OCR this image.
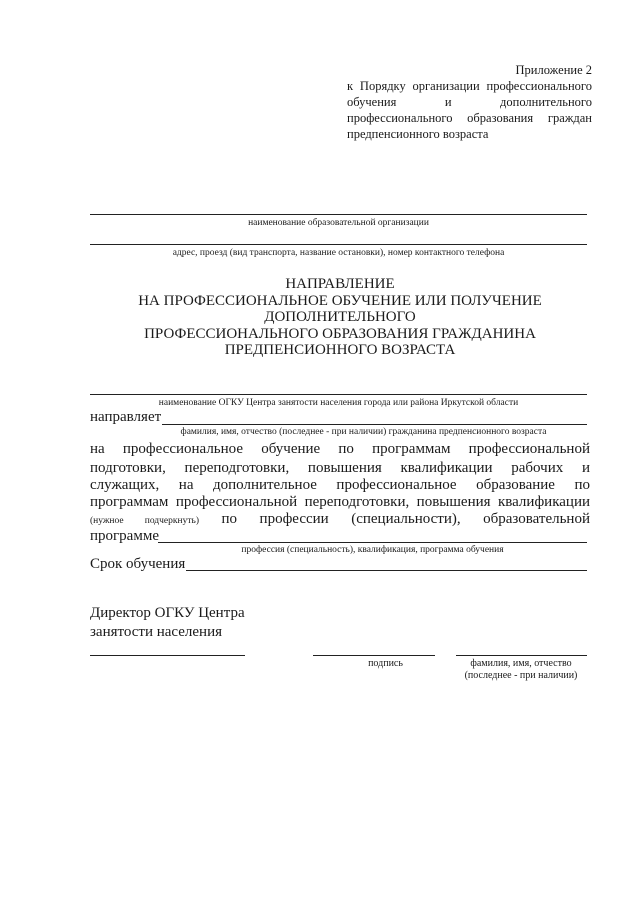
Приложение 2
к Порядку организации профессионального обучения и дополнительного профессионального образования граждан предпенсионного возраста
наименование образовательной организации
адрес, проезд (вид транспорта, название остановки), номер контактного телефона
НАПРАВЛЕНИЕ
НА ПРОФЕССИОНАЛЬНОЕ ОБУЧЕНИЕ ИЛИ ПОЛУЧЕНИЕ
ДОПОЛНИТЕЛЬНОГО
ПРОФЕССИОНАЛЬНОГО ОБРАЗОВАНИЯ ГРАЖДАНИНА
ПРЕДПЕНСИОННОГО ВОЗРАСТА
наименование ОГКУ Центра занятости населения города или района Иркутской области
направляет
фамилия, имя, отчество (последнее - при наличии) гражданина предпенсионного возраста
на профессиональное обучение по программам профессиональной
подготовки, переподготовки, повышения квалификации рабочих и
служащих, на дополнительное профессиональное образование по
программам профессиональной переподготовки, повышения квалификации
(нужное подчеркнуть) по профессии (специальности), образовательной
программе
профессия (специальность), квалификация, программа обучения
Срок обучения
Директор ОГКУ Центра
занятости населения
подпись	фамилия, имя, отчество
(последнее - при наличии)
